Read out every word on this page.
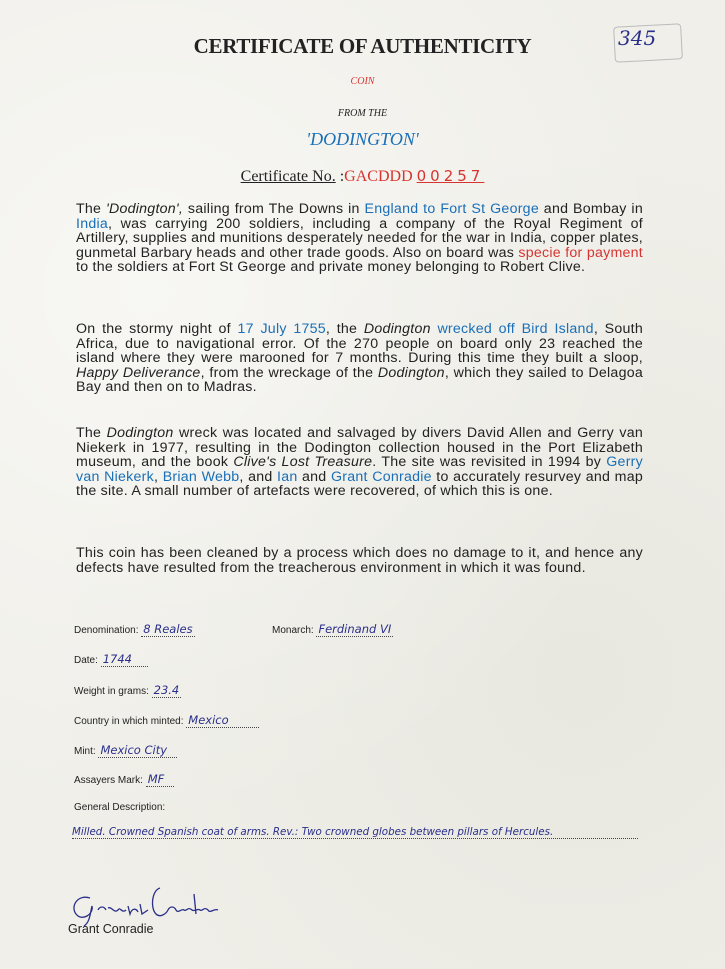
345
CERTIFICATE OF AUTHENTICITY
COIN
FROM THE
'DODINGTON'
Certificate No. :GACDDD 00257
The 'Dodington', sailing from The Downs in England to Fort St George and Bombay in India, was carrying 200 soldiers, including a company of the Royal Regiment of Artillery, supplies and munitions desperately needed for the war in India, copper plates, gunmetal Barbary heads and other trade goods. Also on board was specie for payment to the soldiers at Fort St George and private money belonging to Robert Clive.
On the stormy night of 17 July 1755, the Dodington wrecked off Bird Island, South Africa, due to navigational error. Of the 270 people on board only 23 reached the island where they were marooned for 7 months. During this time they built a sloop, Happy Deliverance, from the wreckage of the Dodington, which they sailed to Delagoa Bay and then on to Madras.
The Dodington wreck was located and salvaged by divers David Allen and Gerry van Niekerk in 1977, resulting in the Dodington collection housed in the Port Elizabeth museum, and the book Clive's Lost Treasure. The site was revisited in 1994 by Gerry van Niekerk, Brian Webb, and Ian and Grant Conradie to accurately resurvey and map the site. A small number of artefacts were recovered, of which this is one.
This coin has been cleaned by a process which does no damage to it, and hence any defects have resulted from the treacherous environment in which it was found.
Denomination: 8 Reales	Monarch: Ferdinand VI
Date: 1744
Weight in grams: 23.4
Country in which minted: Mexico
Mint: Mexico City
Assayers Mark: MF
General Description:
Milled. Crowned Spanish coat of arms. Rev.: Two crowned globes between pillars of Hercules.
Grant Conradie
